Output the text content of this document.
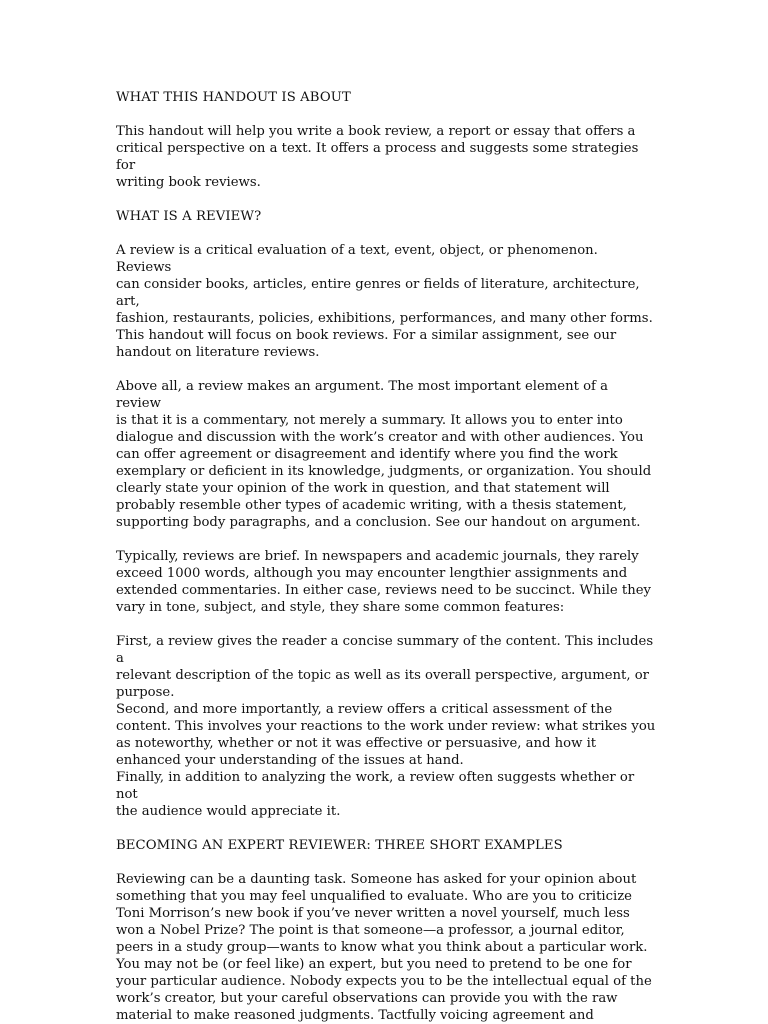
WHAT THIS HANDOUT IS ABOUT

This handout will help you write a book review, a report or essay that offers a
critical perspective on a text. It offers a process and suggests some strategies for
writing book reviews.

WHAT IS A REVIEW?

A review is a critical evaluation of a text, event, object, or phenomenon. Reviews
can consider books, articles, entire genres or fields of literature, architecture, art,
fashion, restaurants, policies, exhibitions, performances, and many other forms.
This handout will focus on book reviews. For a similar assignment, see our
handout on literature reviews.

Above all, a review makes an argument. The most important element of a review
is that it is a commentary, not merely a summary. It allows you to enter into
dialogue and discussion with the work’s creator and with other audiences. You
can offer agreement or disagreement and identify where you find the work
exemplary or deficient in its knowledge, judgments, or organization. You should
clearly state your opinion of the work in question, and that statement will
probably resemble other types of academic writing, with a thesis statement,
supporting body paragraphs, and a conclusion. See our handout on argument.

Typically, reviews are brief. In newspapers and academic journals, they rarely
exceed 1000 words, although you may encounter lengthier assignments and
extended commentaries. In either case, reviews need to be succinct. While they
vary in tone, subject, and style, they share some common features:

First, a review gives the reader a concise summary of the content. This includes a
relevant description of the topic as well as its overall perspective, argument, or
purpose.
Second, and more importantly, a review offers a critical assessment of the
content. This involves your reactions to the work under review: what strikes you
as noteworthy, whether or not it was effective or persuasive, and how it
enhanced your understanding of the issues at hand.
Finally, in addition to analyzing the work, a review often suggests whether or not
the audience would appreciate it.

BECOMING AN EXPERT REVIEWER: THREE SHORT EXAMPLES

Reviewing can be a daunting task. Someone has asked for your opinion about
something that you may feel unqualified to evaluate. Who are you to criticize
Toni Morrison’s new book if you’ve never written a novel yourself, much less
won a Nobel Prize? The point is that someone—a professor, a journal editor,
peers in a study group—wants to know what you think about a particular work.
You may not be (or feel like) an expert, but you need to pretend to be one for
your particular audience. Nobody expects you to be the intellectual equal of the
work’s creator, but your careful observations can provide you with the raw
material to make reasoned judgments. Tactfully voicing agreement and
